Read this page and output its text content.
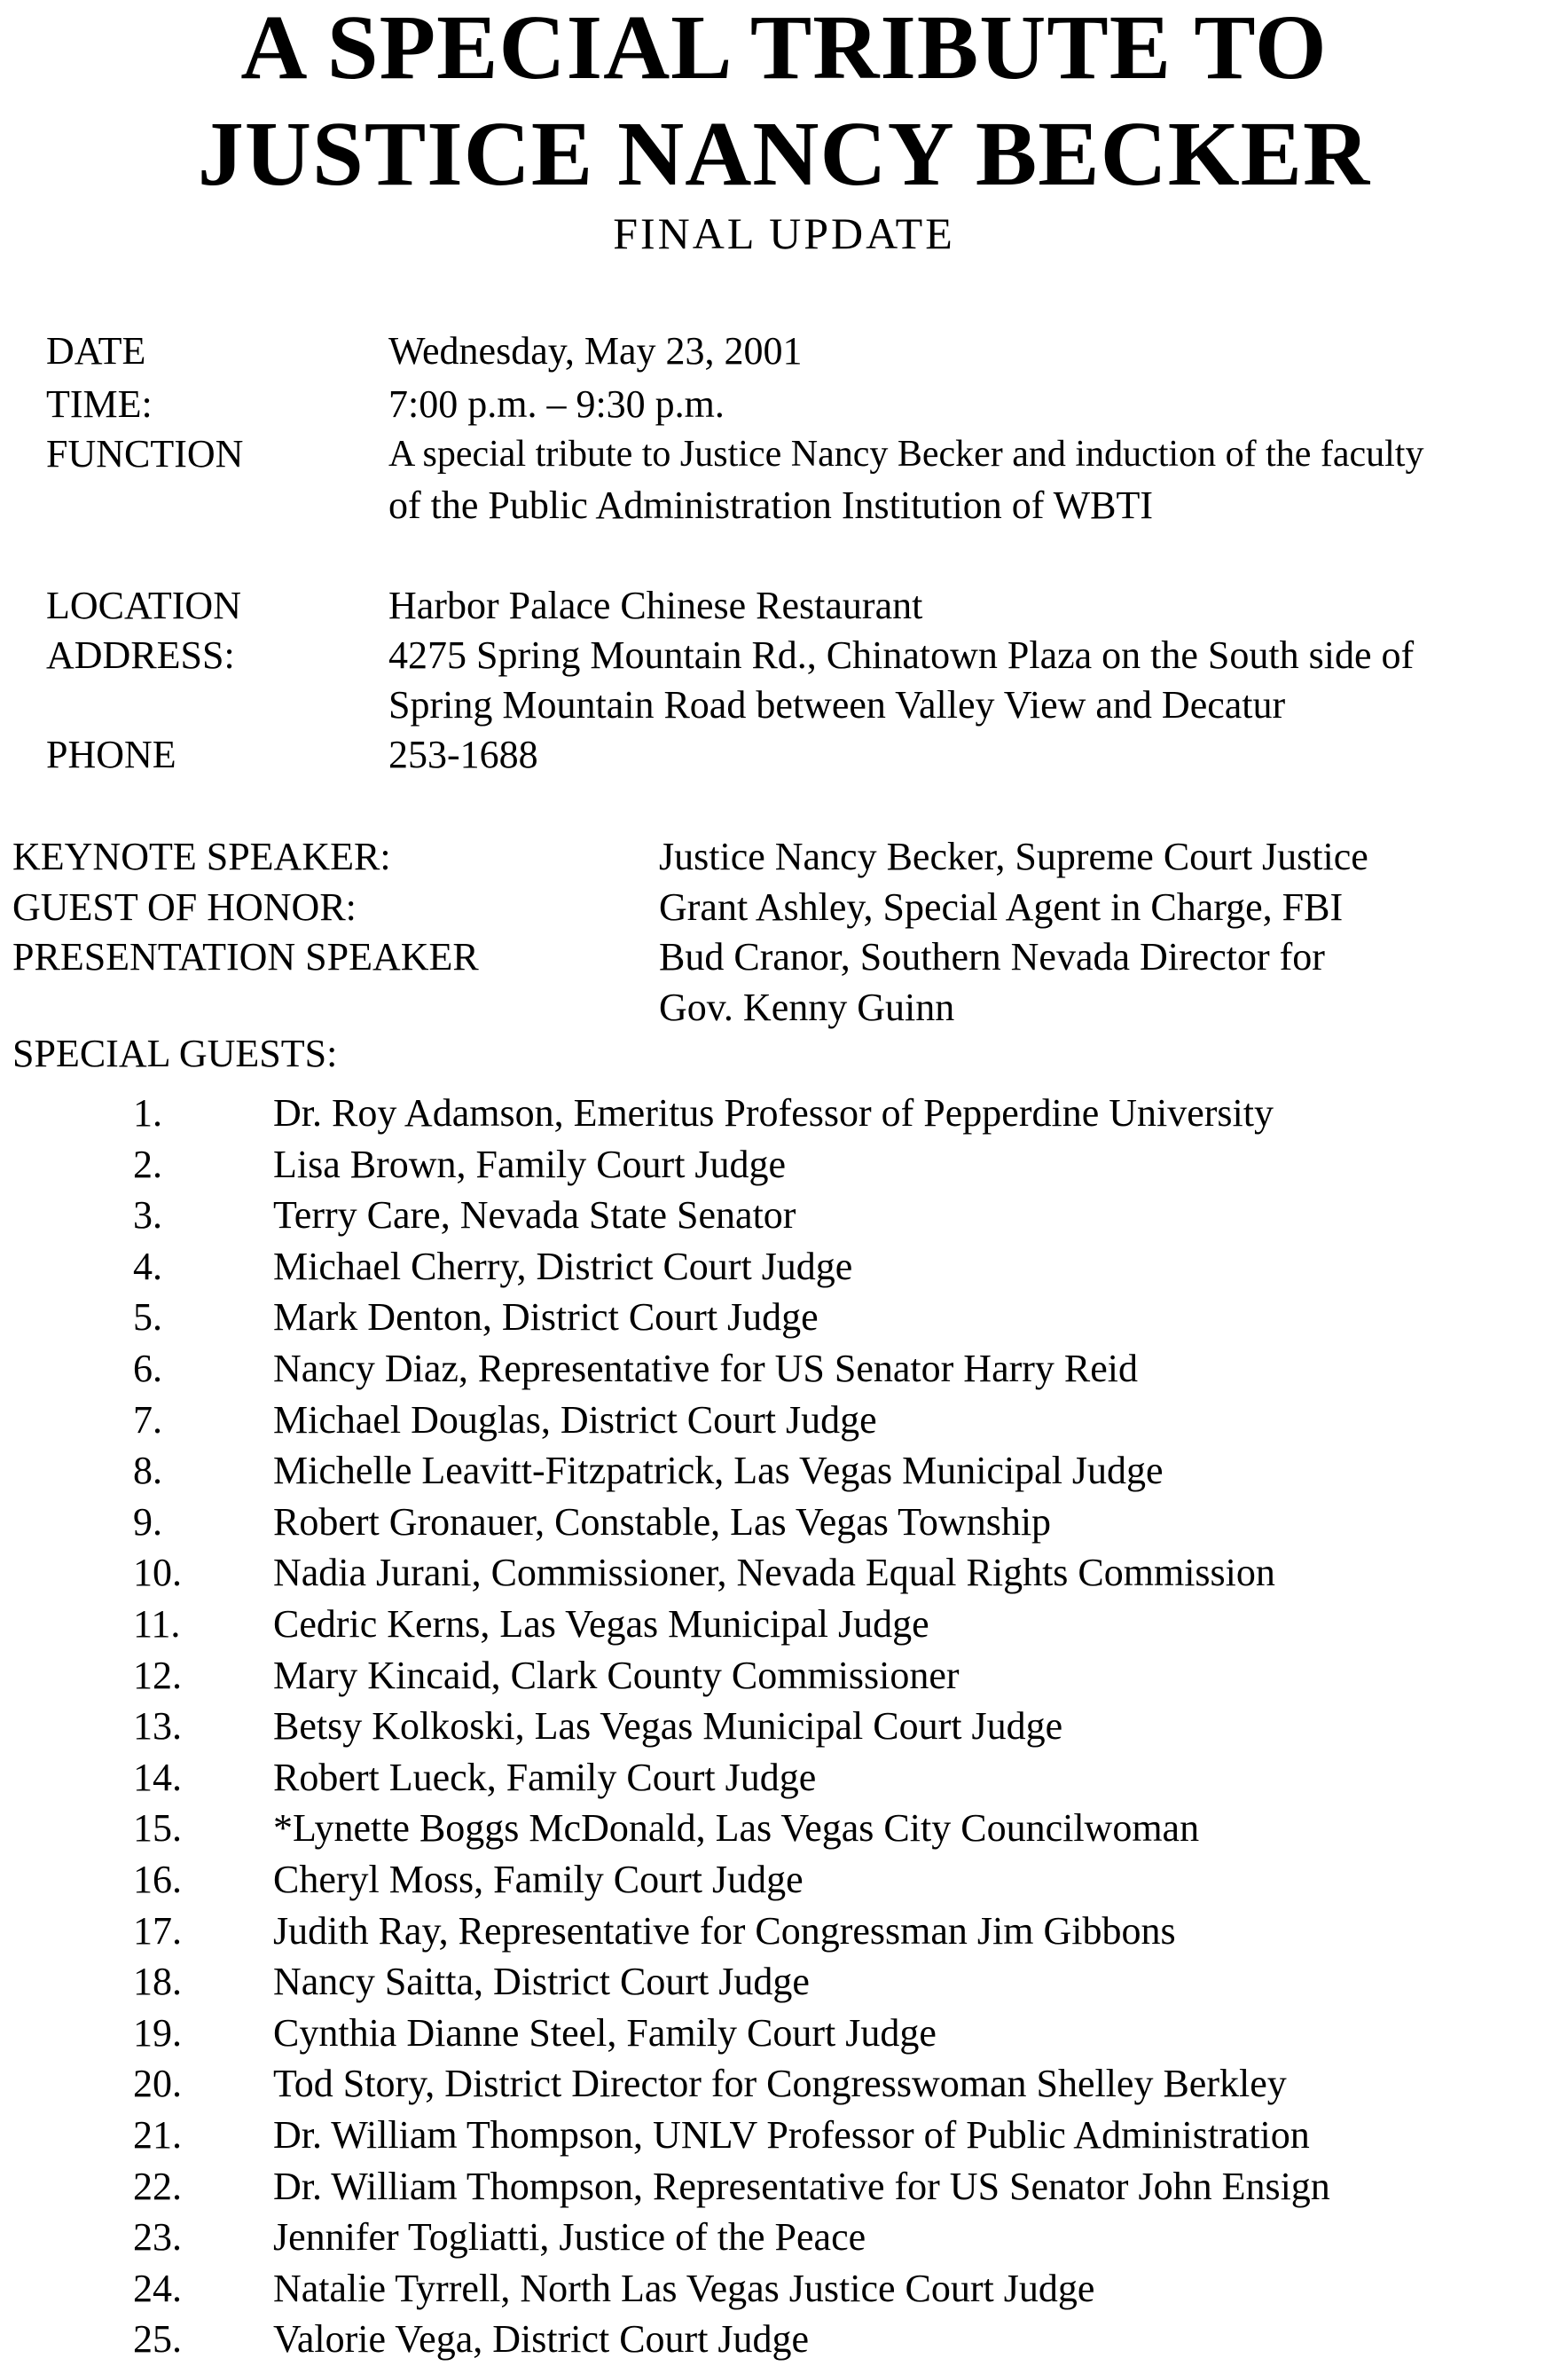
A SPECIAL TRIBUTE TO
JUSTICE NANCY BECKER
FINAL UPDATE
DATE	Wednesday, May 23, 2001
TIME:	7:00 p.m. – 9:30 p.m.
FUNCTION	A special tribute to Justice Nancy Becker and induction of the faculty
of the Public Administration Institution of WBTI
LOCATION	Harbor Palace Chinese Restaurant
ADDRESS:	4275 Spring Mountain Rd., Chinatown Plaza on the South side of
Spring Mountain Road between Valley View and Decatur
PHONE	253-1688
KEYNOTE SPEAKER:	Justice Nancy Becker, Supreme Court Justice
GUEST OF HONOR:	Grant Ashley, Special Agent in Charge, FBI
PRESENTATION SPEAKER	Bud Cranor, Southern Nevada Director for
Gov. Kenny Guinn
SPECIAL GUESTS:
1.	Dr. Roy Adamson, Emeritus Professor of Pepperdine University
2.	Lisa Brown, Family Court Judge
3.	Terry Care, Nevada State Senator
4.	Michael Cherry, District Court Judge
5.	Mark Denton, District Court Judge
6.	Nancy Diaz, Representative for US Senator Harry Reid
7.	Michael Douglas, District Court Judge
8.	Michelle Leavitt-Fitzpatrick, Las Vegas Municipal Judge
9.	Robert Gronauer, Constable, Las Vegas Township
10. Nadia Jurani, Commissioner, Nevada Equal Rights Commission
11. Cedric Kerns, Las Vegas Municipal Judge
12. Mary Kincaid, Clark County Commissioner
13. Betsy Kolkoski, Las Vegas Municipal Court Judge
14. Robert Lueck, Family Court Judge
15. *Lynette Boggs McDonald, Las Vegas City Councilwoman
16. Cheryl Moss, Family Court Judge
17. Judith Ray, Representative for Congressman Jim Gibbons
18. Nancy Saitta, District Court Judge
19. Cynthia Dianne Steel, Family Court Judge
20. Tod Story, District Director for Congresswoman Shelley Berkley
21. Dr. William Thompson, UNLV Professor of Public Administration
22. Dr. William Thompson, Representative for US Senator John Ensign
23. Jennifer Togliatti, Justice of the Peace
24. Natalie Tyrrell, North Las Vegas Justice Court Judge
25. Valorie Vega, District Court Judge
